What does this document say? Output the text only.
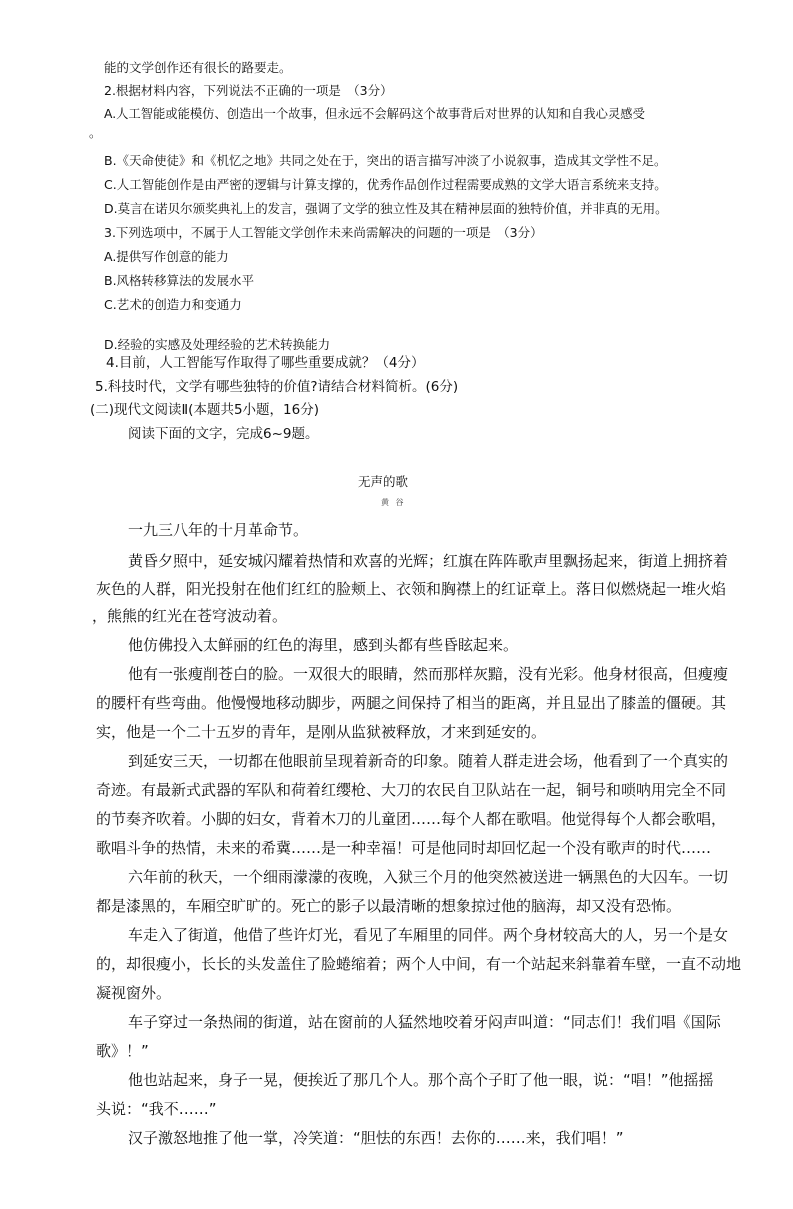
能的文学创作还有很长的路要走。
2.根据材料内容，下列说法不正确的一项是　（3分）
A.人工智能或能模仿、创造出一个故事，但永远不会解码这个故事背后对世界的认知和自我心灵感受
。
B.《天命使徒》和《机忆之地》共同之处在于，突出的语言描写冲淡了小说叙事，造成其文学性不足。
C.人工智能创作是由严密的逻辑与计算支撑的，优秀作品创作过程需要成熟的文学大语言系统来支持。
D.莫言在诺贝尔颁奖典礼上的发言，强调了文学的独立性及其在精神层面的独特价值，并非真的无用。
3.下列选项中，不属于人工智能文学创作未来尚需解决的问题的一项是　（3分）
A.提供写作创意的能力
B.风格转移算法的发展水平
C.艺术的创造力和变通力
D.经验的实感及处理经验的艺术转换能力
4.目前，人工智能写作取得了哪些重要成就？（4分）
5.科技时代，文学有哪些独特的价值?请结合材料简析。(6分)
(二)现代文阅读Ⅱ(本题共5小题，16分)
阅读下面的文字，完成6~9题。
无声的歌
黄 谷
一九三八年的十月革命节。
黄昏夕照中，延安城闪耀着热情和欢喜的光辉；红旗在阵阵歌声里飘扬起来，街道上拥挤着
灰色的人群，阳光投射在他们红红的脸颊上、衣领和胸襟上的红证章上。落日似燃烧起一堆火焰
，熊熊的红光在苍穹波动着。
他仿佛投入太鲜丽的红色的海里，感到头都有些昏眩起来。
他有一张瘦削苍白的脸。一双很大的眼睛，然而那样灰黯，没有光彩。他身材很高，但瘦瘦
的腰杆有些弯曲。他慢慢地移动脚步，两腿之间保持了相当的距离，并且显出了膝盖的僵硬。其
实，他是一个二十五岁的青年，是刚从监狱被释放，才来到延安的。
到延安三天，一切都在他眼前呈现着新奇的印象。随着人群走进会场，他看到了一个真实的
奇迹。有最新式武器的军队和荷着红缨枪、大刀的农民自卫队站在一起，铜号和唢呐用完全不同
的节奏齐吹着。小脚的妇女，背着木刀的儿童团……每个人都在歌唱。他觉得每个人都会歌唱，
歌唱斗争的热情，未来的希冀……是一种幸福！可是他同时却回忆起一个没有歌声的时代……
六年前的秋天，一个细雨濛濛的夜晚，入狱三个月的他突然被送进一辆黑色的大囚车。一切
都是漆黑的，车厢空旷旷的。死亡的影子以最清晰的想象掠过他的脑海，却又没有恐怖。
车走入了街道，他借了些许灯光，看见了车厢里的同伴。两个身材较高大的人，另一个是女
的，却很瘦小，长长的头发盖住了脸蜷缩着；两个人中间，有一个站起来斜靠着车壁，一直不动地
凝视窗外。
车子穿过一条热闹的街道，站在窗前的人猛然地咬着牙闷声叫道：“同志们！我们唱《国际
歌》！”
他也站起来，身子一晃，便挨近了那几个人。那个高个子盯了他一眼，说：“唱！”他摇摇
头说：“我不……”
汉子激怒地推了他一掌，冷笑道：“胆怯的东西！去你的……来，我们唱！”
